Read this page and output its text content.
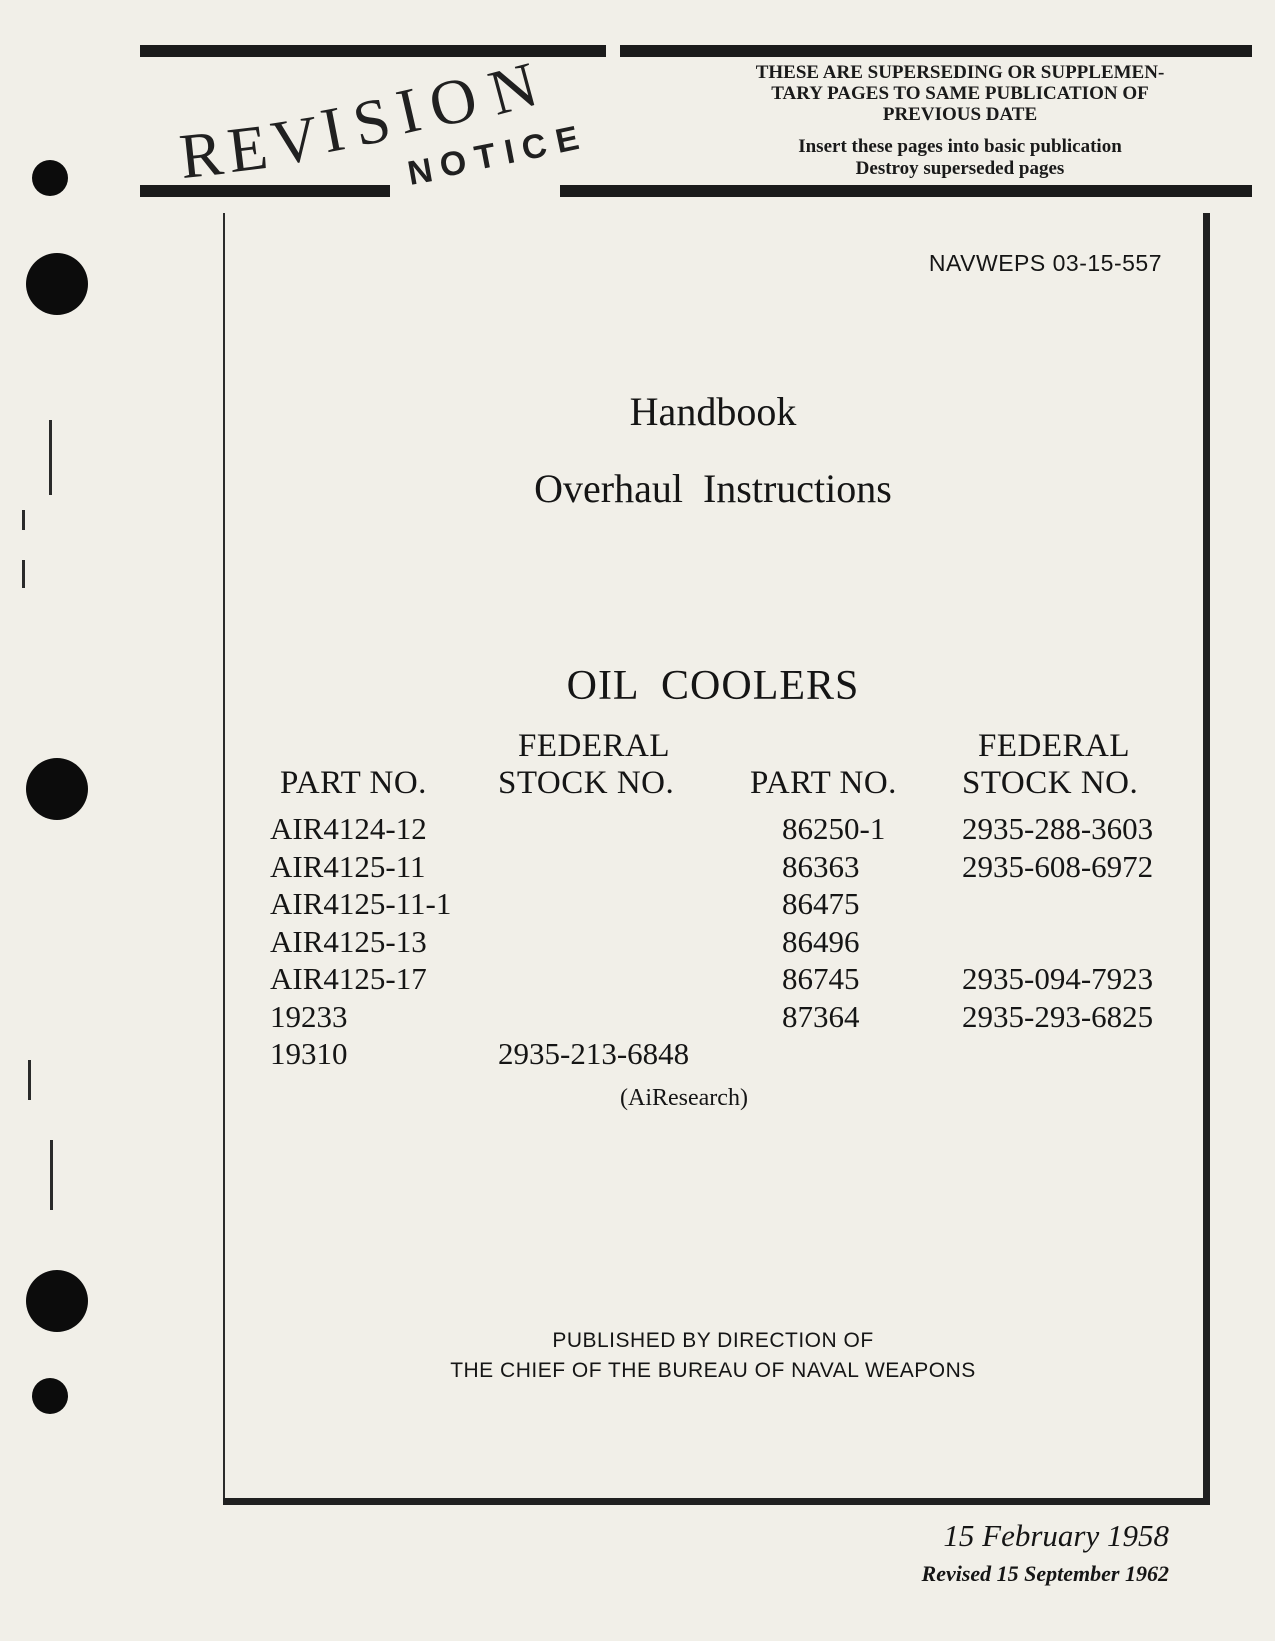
R
E
V
I
S
I
O
N
N O T I C E
THESE ARE SUPERSEDING OR SUPPLEMEN-
TARY PAGES TO SAME PUBLICATION OF
PREVIOUS DATE
Insert these pages into basic publication
Destroy superseded pages
NAVWEPS 03-15-557
Handbook
Overhaul  Instructions
OIL  COOLERS
PART NO.
FEDERAL
STOCK NO. PART NO.
FEDERAL
STOCK NO.
AIR4124-12
AIR4125-11
AIR4125-11-1
AIR4125-13
AIR4125-17
19233
19310

	2935-213-6848
86250-1
86363
86475
86496
86745
87364
2935-288-3603
2935-608-6972

2935-094-7923
2935-293-6825
(AiResearch)
PUBLISHED BY DIRECTION OF
THE CHIEF OF THE BUREAU OF NAVAL WEAPONS
15 February 1958
Revised 15 September 1962
